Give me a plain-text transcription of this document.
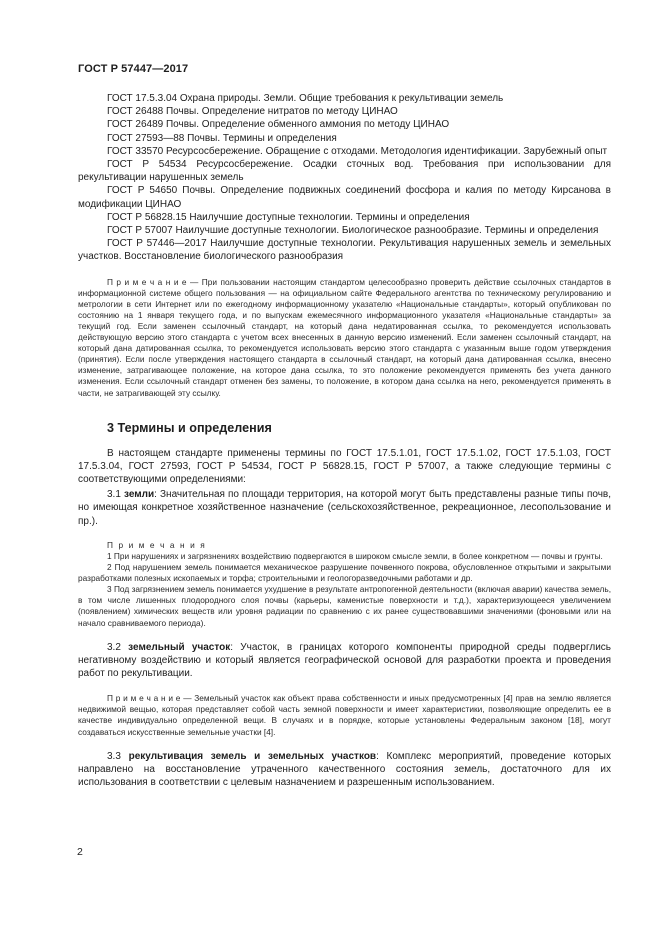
ГОСТ Р 57447—2017

ГОСТ 17.5.3.04 Охрана природы. Земли. Общие требования к рекультивации земель

ГОСТ 26488 Почвы. Определение нитратов по методу ЦИНАО

ГОСТ 26489 Почвы. Определение обменного аммония по методу ЦИНАО

ГОСТ 27593—88 Почвы. Термины и определения

ГОСТ 33570 Ресурсосбережение. Обращение с отходами. Методология идентификации. Зарубежный опыт

ГОСТ Р 54534 Ресурсосбережение. Осадки сточных вод. Требования при использовании для рекультивации нарушенных земель

ГОСТ Р 54650 Почвы. Определение подвижных соединений фосфора и калия по методу Кирсанова в модификации ЦИНАО

ГОСТ Р 56828.15 Наилучшие доступные технологии. Термины и определения

ГОСТ Р 57007 Наилучшие доступные технологии. Биологическое разнообразие. Термины и определения

ГОСТ Р 57446—2017 Наилучшие доступные технологии. Рекультивация нарушенных земель и земельных участков. Восстановление биологического разнообразия

П р и м е ч а н и е — При пользовании настоящим стандартом целесообразно проверить действие ссылочных стандартов в информационной системе общего пользования — на официальном сайте Федерального агентства по техническому регулированию и метрологии в сети Интернет или по ежегодному информационному указателю «Национальные стандарты», который опубликован по состоянию на 1 января текущего года, и по выпускам ежемесячного информационного указателя «Национальные стандарты» за текущий год. Если заменен ссылочный стандарт, на который дана недатированная ссылка, то рекомендуется использовать действующую версию этого стандарта с учетом всех внесенных в данную версию изменений. Если заменен ссылочный стандарт, на который дана датированная ссылка, то рекомендуется использовать версию этого стандарта с указанным выше годом утверждения (принятия). Если после утверждения настоящего стандарта в ссылочный стандарт, на который дана датированная ссылка, внесено изменение, затрагивающее положение, на которое дана ссылка, то это положение рекомендуется применять без учета данного изменения. Если ссылочный стандарт отменен без замены, то положение, в котором дана ссылка на него, рекомендуется применять в части, не затрагивающей эту ссылку.

3 Термины и определения

В настоящем стандарте применены термины по ГОСТ 17.5.1.01, ГОСТ 17.5.1.02, ГОСТ 17.5.1.03, ГОСТ 17.5.3.04, ГОСТ 27593, ГОСТ Р 54534, ГОСТ Р 56828.15, ГОСТ Р 57007, а также следующие термины с соответствующими определениями:

3.1 земли: Значительная по площади территория, на которой могут быть представлены разные типы почв, но имеющая конкретное хозяйственное назначение (сельскохозяйственное, рекреационное, лесопользование и пр.).

П р и м е ч а н и я

1 При нарушениях и загрязнениях воздействию подвергаются в широком смысле земли, в более конкретном — почвы и грунты.

2 Под нарушением земель понимается механическое разрушение почвенного покрова, обусловленное открытыми и закрытыми разработками полезных ископаемых и торфа; строительными и геологоразведочными работами и др.

3 Под загрязнением земель понимается ухудшение в результате антропогенной деятельности (включая аварии) качества земель, в том числе лишенных плодородного слоя почвы (карьеры, каменистые поверхности и т.д.), характеризующееся увеличением (появлением) химических веществ или уровня радиации по сравнению с их ранее существовавшими значениями (фоновыми или на начало сравниваемого периода).

3.2 земельный участок: Участок, в границах которого компоненты природной среды подверглись негативному воздействию и который является географической основой для разработки проекта и проведения работ по рекультивации.

П р и м е ч а н и е — Земельный участок как объект права собственности и иных предусмотренных [4] прав на землю является недвижимой вещью, которая представляет собой часть земной поверхности и имеет характеристики, позволяющие определить ее в качестве индивидуально определенной вещи. В случаях и в порядке, которые установлены Федеральным законом [18], могут создаваться искусственные земельные участки [4].

3.3 рекультивация земель и земельных участков: Комплекс мероприятий, проведение которых направлено на восстановление утраченного качественного состояния земель, достаточного для их использования в соответствии с целевым назначением и разрешенным использованием.

2
